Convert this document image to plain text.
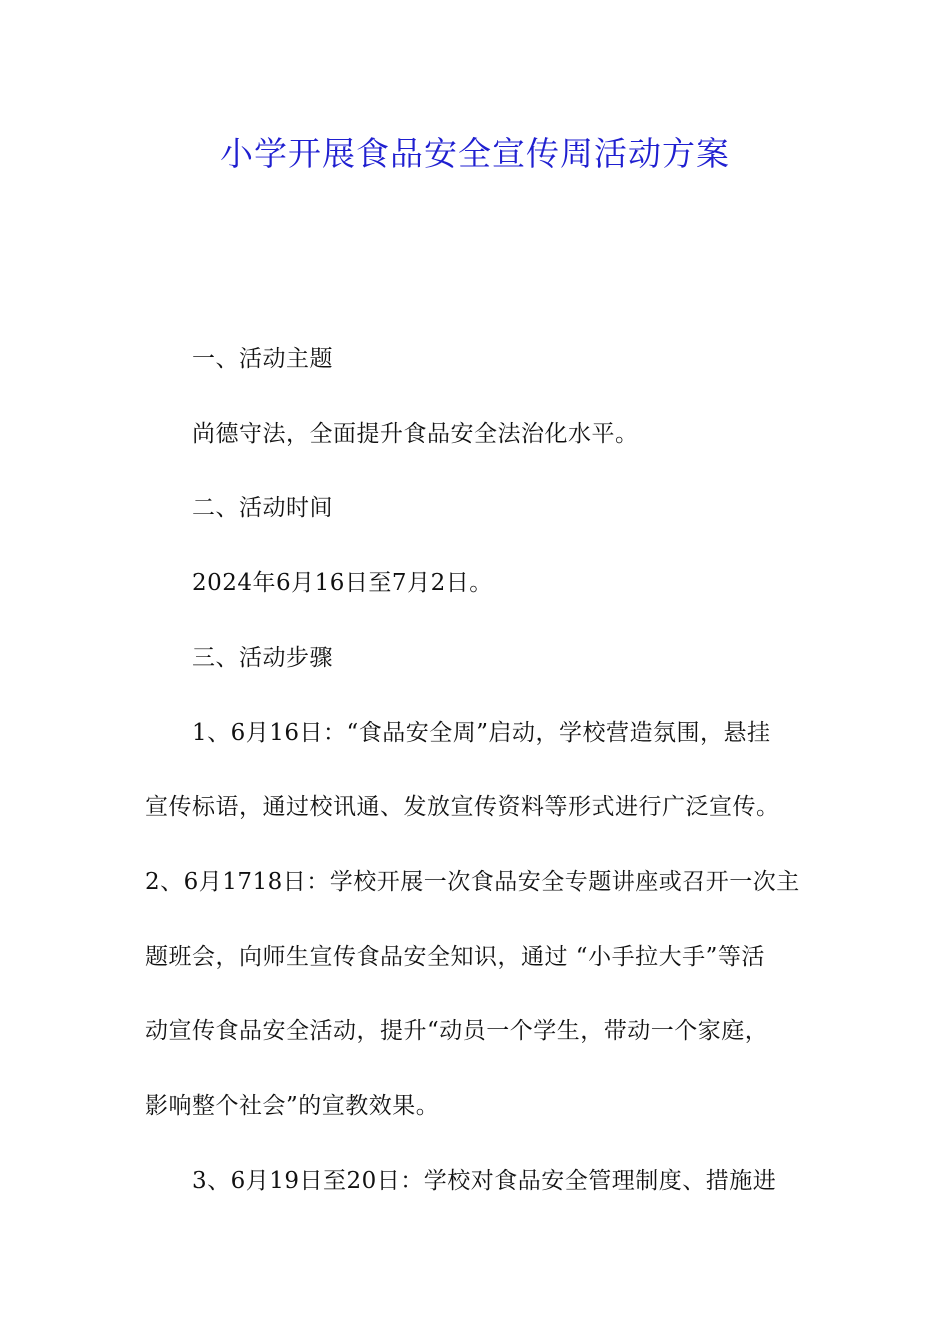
小学开展食品安全宣传周活动方案
一、活动主题
尚德守法，全面提升食品安全法治化水平。
二、活动时间
2024年6月16日至7月2日。
三、活动步骤
1、6月16日：“食品安全周”启动，学校营造氛围，悬挂
宣传标语，通过校讯通、发放宣传资料等形式进行广泛宣传。
2、6月1718日：学校开展一次食品安全专题讲座或召开一次主
题班会，向师生宣传食品安全知识，通过 “小手拉大手”等活
动宣传食品安全活动，提升“动员一个学生，带动一个家庭，
影响整个社会”的宣教效果。
3、6月19日至20日：学校对食品安全管理制度、措施进
